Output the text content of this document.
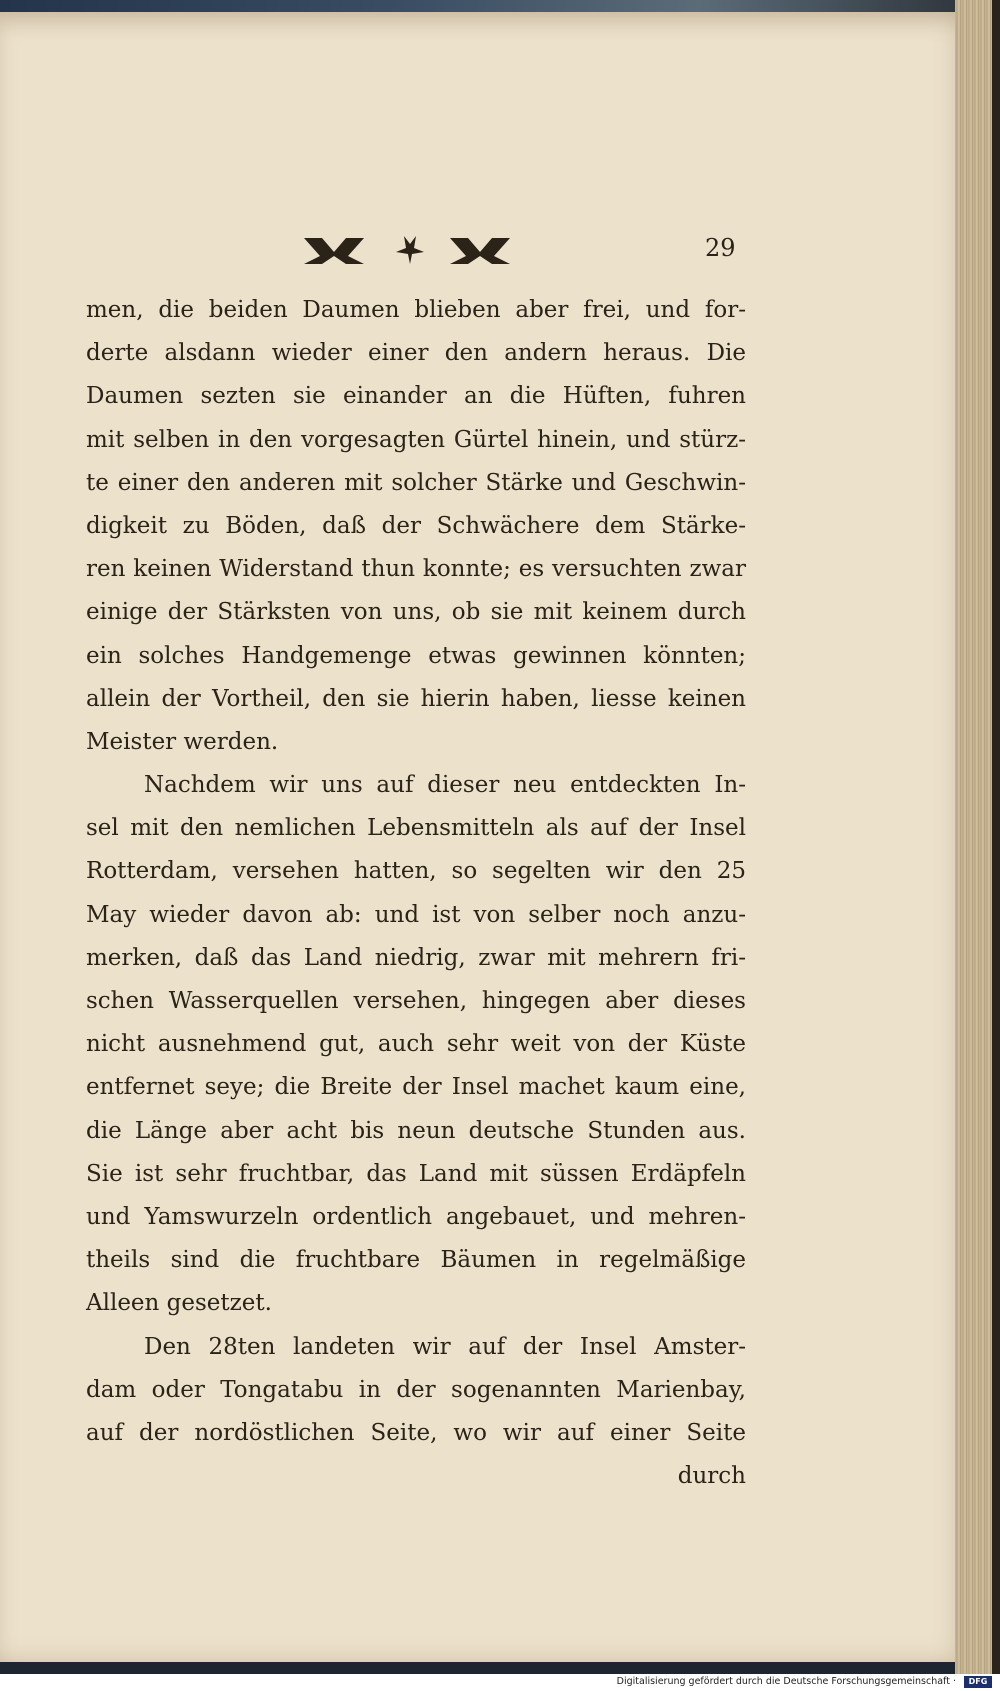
29
men, die beiden Daumen blieben aber frei, und for-
derte alsdann wieder einer den andern heraus. Die
Daumen sezten sie einander an die Hüften, fuhren
mit selben in den vorgesagten Gürtel hinein, und stürz-
te einer den anderen mit solcher Stärke und Geschwin-
digkeit zu Böden, daß der Schwächere dem Stärke-
ren keinen Widerstand thun konnte; es versuchten zwar
einige der Stärksten von uns, ob sie mit keinem durch
ein solches Handgemenge etwas gewinnen könnten;
allein der Vortheil, den sie hierin haben, liesse keinen
Meister werden.
Nachdem wir uns auf dieser neu entdeckten In-
sel mit den nemlichen Lebensmitteln als auf der Insel
Rotterdam, versehen hatten, so segelten wir den 25
May wieder davon ab: und ist von selber noch anzu-
merken, daß das Land niedrig, zwar mit mehrern fri-
schen Wasserquellen versehen, hingegen aber dieses
nicht ausnehmend gut, auch sehr weit von der Küste
entfernet seye; die Breite der Insel machet kaum eine,
die Länge aber acht bis neun deutsche Stunden aus.
Sie ist sehr fruchtbar, das Land mit süssen Erdäpfeln
und Yamswurzeln ordentlich angebauet, und mehren-
theils sind die fruchtbare Bäumen in regelmäßige
Alleen gesetzet.
Den 28ten landeten wir auf der Insel Amster-
dam oder Tongatabu in der sogenannten Marienbay,
auf der nordöstlichen Seite, wo wir auf einer Seite
durch
Digitalisierung gefördert durch die Deutsche Forschungsgemeinschaft ·	DFG
